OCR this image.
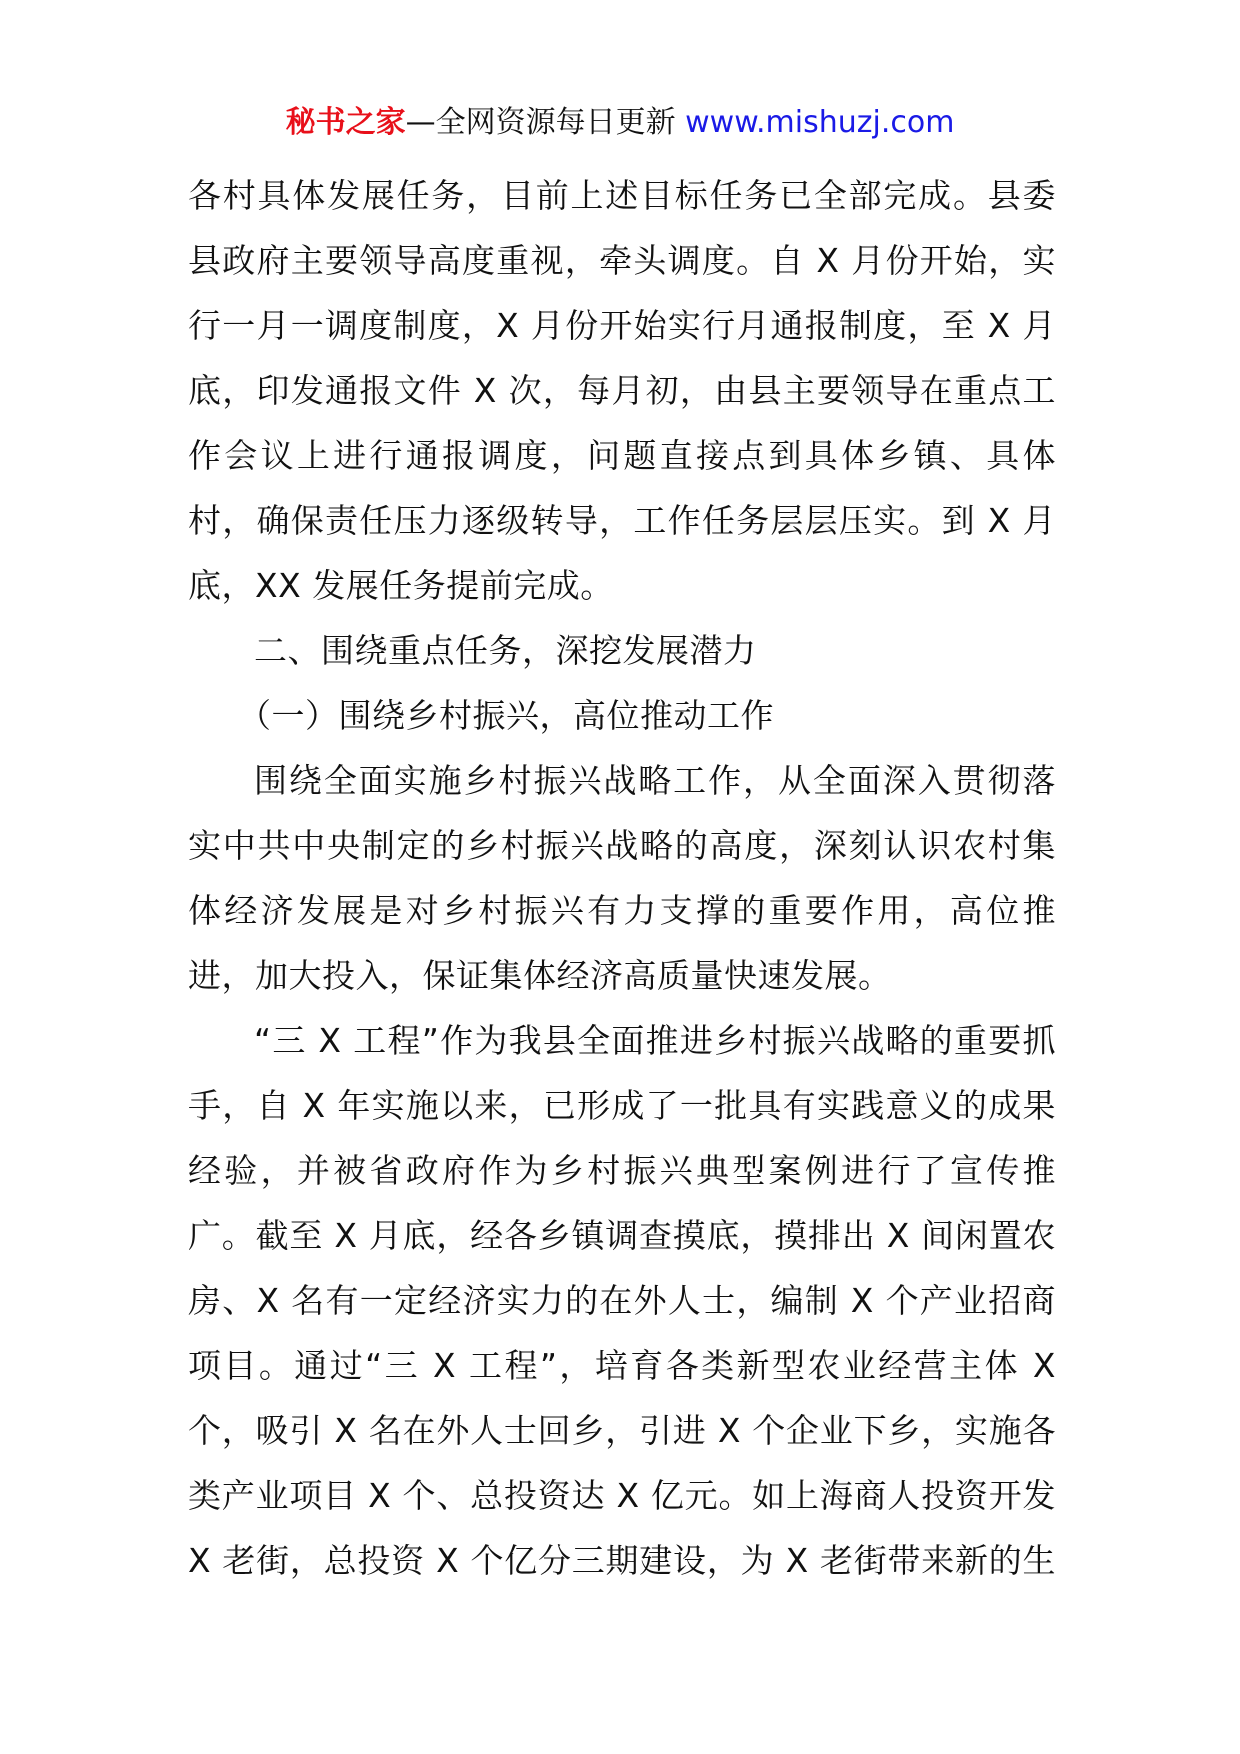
秘书之家—全网资源每日更新 www.mishuzj.com
各村具体发展任务，目前上述目标任务已全部完成。县委
县政府主要领导高度重视，牵头调度。自 X 月份开始，实
行一月一调度制度，X 月份开始实行月通报制度，至 X 月
底，印发通报文件 X 次，每月初，由县主要领导在重点工
作会议上进行通报调度，问题直接点到具体乡镇、具体
村，确保责任压力逐级转导，工作任务层层压实。到 X 月
底，XX 发展任务提前完成。
二、围绕重点任务，深挖发展潜力
（一）围绕乡村振兴，高位推动工作
围绕全面实施乡村振兴战略工作，从全面深入贯彻落
实中共中央制定的乡村振兴战略的高度，深刻认识农村集
体经济发展是对乡村振兴有力支撑的重要作用，高位推
进，加大投入，保证集体经济高质量快速发展。
“三 X 工程”作为我县全面推进乡村振兴战略的重要抓
手，自 X 年实施以来，已形成了一批具有实践意义的成果
经验，并被省政府作为乡村振兴典型案例进行了宣传推
广。截至 X 月底，经各乡镇调查摸底，摸排出 X 间闲置农
房、X 名有一定经济实力的在外人士，编制 X 个产业招商
项目。通过“三 X 工程”，培育各类新型农业经营主体 X
个，吸引 X 名在外人士回乡，引进 X 个企业下乡，实施各
类产业项目 X 个、总投资达 X 亿元。如上海商人投资开发
X 老街，总投资 X 个亿分三期建设，为 X 老街带来新的生
